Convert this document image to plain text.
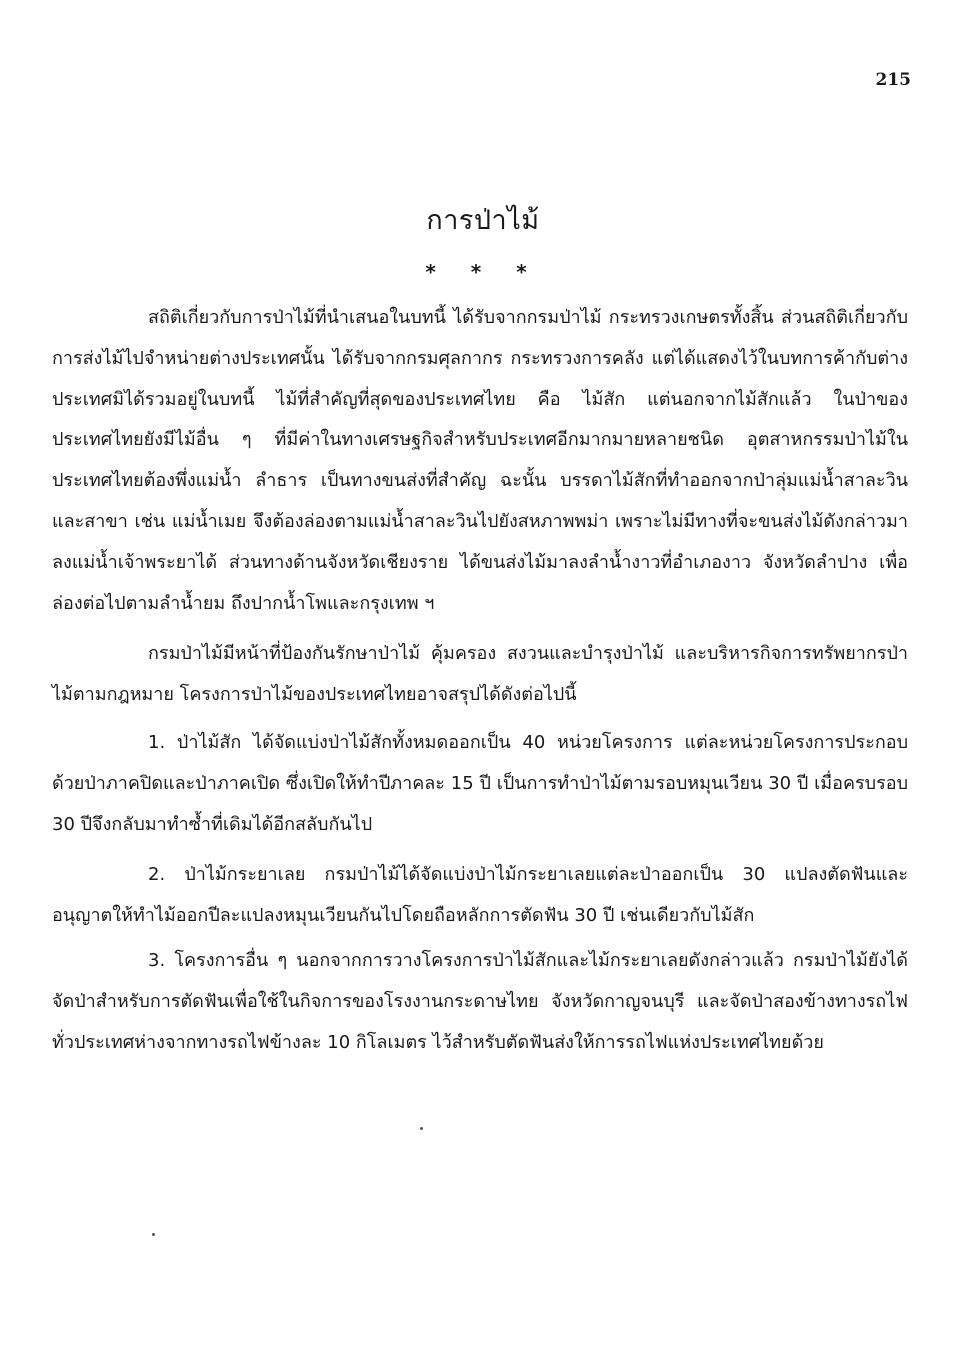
215
การป่าไม้
* * *

สถิติเกี่ยวกับการป่าไม้ที่นำเสนอในบทนี้ ได้รับจากกรมป่าไม้ กระทรวงเกษตรทั้งสิ้น ส่วนสถิติเกี่ยวกับการส่งไม้ไปจำหน่ายต่างประเทศนั้น ได้รับจากกรมศุลกากร กระทรวงการคลัง แต่ได้แสดงไว้ในบทการค้ากับต่างประเทศมิได้รวมอยู่ในบทนี้ ไม้ที่สำคัญที่สุดของประเทศไทย คือ ไม้สัก แต่นอกจากไม้สักแล้ว ในป่าของประเทศไทยยังมีไม้อื่น ๆ ที่มีค่าในทางเศรษฐกิจสำหรับประเทศอีกมากมายหลายชนิด อุตสาหกรรมป่าไม้ในประเทศไทยต้องพึ่งแม่น้ำ ลำธาร เป็นทางขนส่งที่สำคัญ ฉะนั้น บรรดาไม้สักที่ทำออกจากป่าลุ่มแม่น้ำสาละวินและสาขา เช่น แม่น้ำเมย จึงต้องล่องตามแม่น้ำสาละวินไปยังสหภาพพม่า เพราะไม่มีทางที่จะขนส่งไม้ดังกล่าวมาลงแม่น้ำเจ้าพระยาได้ ส่วนทางด้านจังหวัดเชียงราย ได้ขนส่งไม้มาลงลำน้ำงาวที่อำเภองาว จังหวัดลำปาง เพื่อล่องต่อไปตามลำน้ำยม ถึงปากน้ำโพและกรุงเทพ ฯ

กรมป่าไม้มีหน้าที่ป้องกันรักษาป่าไม้ คุ้มครอง สงวนและบำรุงป่าไม้ และบริหารกิจการทรัพยากรป่าไม้ตามกฎหมาย โครงการป่าไม้ของประเทศไทยอาจสรุปได้ดังต่อไปนี้

1. ป่าไม้สัก ได้จัดแบ่งป่าไม้สักทั้งหมดออกเป็น 40 หน่วยโครงการ แต่ละหน่วยโครงการประกอบด้วยป่าภาคปิดและป่าภาคเปิด ซึ่งเปิดให้ทำปีภาคละ 15 ปี เป็นการทำป่าไม้ตามรอบหมุนเวียน 30 ปี เมื่อครบรอบ 30 ปีจึงกลับมาทำซ้ำที่เดิมได้อีกสลับกันไป

2. ป่าไม้กระยาเลย กรมป่าไม้ได้จัดแบ่งป่าไม้กระยาเลยแต่ละป่าออกเป็น 30 แปลงตัดฟันและอนุญาตให้ทำไม้ออกปีละแปลงหมุนเวียนกันไปโดยถือหลักการตัดฟัน 30 ปี เช่นเดียวกับไม้สัก

3. โครงการอื่น ๆ นอกจากการวางโครงการป่าไม้สักและไม้กระยาเลยดังกล่าวแล้ว กรมป่าไม้ยังได้จัดป่าสำหรับการตัดฟันเพื่อใช้ในกิจการของโรงงานกระดาษไทย จังหวัดกาญจนบุรี และจัดป่าสองข้างทางรถไฟทั่วประเทศห่างจากทางรถไฟข้างละ 10 กิโลเมตร ไว้สำหรับตัดฟันส่งให้การรถไฟแห่งประเทศไทยด้วย
